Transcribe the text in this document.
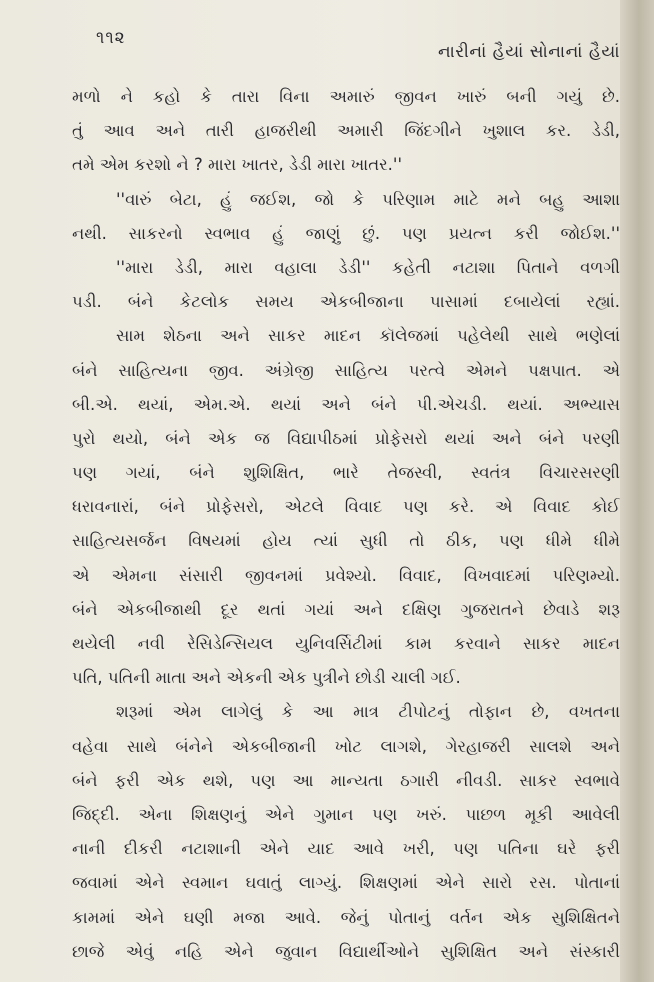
૧૧૨
નારીનાં હૈયાં સોનાનાં હૈયાં
મળો ને કહો કે તારા વિના અમારું જીવન ખારું બની ગયું છે.
તું આવ અને તારી હાજરીથી અમારી જિંદગીને ખુશાલ કર. ડેડી,
તમે એમ કરશો ને ? મારા ખાતર, ડેડી મારા ખાતર.''
''વારું બેટા, હું જઈશ, જો કે પરિણામ માટે મને બહુ આશા
નથી. સાકરનો સ્વભાવ હું જાણું છું. પણ પ્રયત્ન કરી જોઈશ.''
''મારા ડેડી, મારા વહાલા ડેડી'' કહેતી નટાશા પિતાને વળગી
પડી. બંને કેટલોક સમય એકબીજાના પાસામાં દબાયેલાં રહ્યાં.
સામ શેઠના અને સાકર માદન કૉલેજમાં પહેલેથી સાથે ભણેલાં
બંને સાહિત્યના જીવ. અંગ્રેજી સાહિત્ય પરત્વે એમને પક્ષપાત. એ
બી.એ. થયાં, એમ.એ. થયાં અને બંને પી.એચડી. થયાં. અભ્યાસ
પુરો થયો, બંને એક જ વિદ્યાપીઠમાં પ્રોફેસરો થયાં અને બંને પરણી
પણ ગયાં, બંને શુશિક્ષિત, ભારે તેજસ્વી, સ્વતંત્ર વિચારસરણી
ધરાવનારાં, બંને પ્રોફેસરો, એટલે વિવાદ પણ કરે. એ વિવાદ કોઈ
સાહિત્યસર્જન વિષયમાં હોય ત્યાં સુધી તો ઠીક, પણ ધીમે ધીમે
એ એમના સંસારી જીવનમાં પ્રવેશ્યો. વિવાદ, વિખવાદમાં પરિણમ્યો.
બંને એકબીજાથી દૂર થતાં ગયાં અને દક્ષિણ ગુજરાતને છેવાડે શરૂ
થયેલી નવી રેસિડેન્સિયલ યુનિવર્સિટીમાં કામ કરવાને સાકર માદન
પતિ, પતિની માતા અને એકની એક પુત્રીને છોડી ચાલી ગઈ.
શરૂમાં એમ લાગેલું કે આ માત્ર ટીપોટનું તોફાન છે, વખતના
વહેવા સાથે બંનેને એકબીજાની ખોટ લાગશે, ગેરહાજરી સાલશે અને
બંને ફરી એક થશે, પણ આ માન્યતા ઠગારી નીવડી. સાકર સ્વભાવે
જિદ્દી. એના શિક્ષણનું એને ગુમાન પણ ખરું. પાછળ મૂકી આવેલી
નાની દીકરી નટાશાની એને યાદ આવે ખરી, પણ પતિના ઘરે ફરી
જવામાં એને સ્વમાન ઘવાતું લાગ્યું. શિક્ષણમાં એને સારો રસ. પોતાનાં
કામમાં એને ઘણી મજા આવે. જેનું પોતાનું વર્તન એક સુશિક્ષિતને
છાજે એવું નહિ એને જુવાન વિદ્યાર્થીઓને સુશિક્ષિત અને સંસ્કારી
